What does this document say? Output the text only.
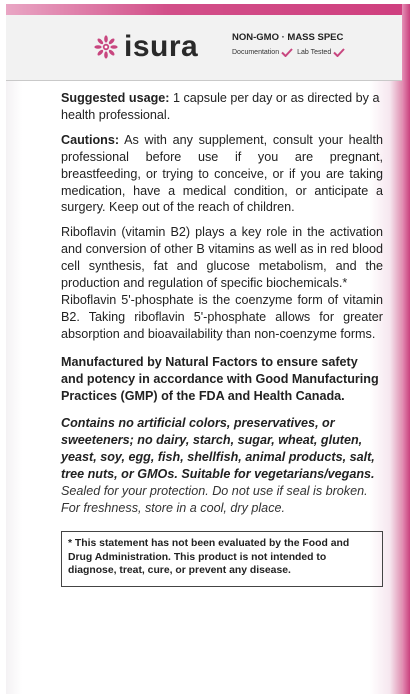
isura	NON-GMO · MASS SPEC
Documentation	Lab Tested

Suggested usage: 1 capsule per day or as directed by a health professional.

Cautions: As with any supplement, consult your health professional before use if you are pregnant, breastfeeding, or trying to conceive, or if you are taking medication, have a medical condition, or anticipate a surgery. Keep out of the reach of children.

Riboflavin (vitamin B2) plays a key role in the activation and conversion of other B vitamins as well as in red blood cell synthesis, fat and glucose metabolism, and the production and regulation of specific biochemicals.*

Riboflavin 5'-phosphate is the coenzyme form of vitamin B2. Taking riboflavin 5'-phosphate allows for greater absorption and bioavailability than non-coenzyme forms.

Manufactured by Natural Factors to ensure safety and potency in accordance with Good Manufacturing Practices (GMP) of the FDA and Health Canada.

Contains no artificial colors, preservatives, or sweeteners; no dairy, starch, sugar, wheat, gluten, yeast, soy, egg, fish, shellfish, animal products, salt, tree nuts, or GMOs. Suitable for vegetarians/vegans.

Sealed for your protection. Do not use if seal is broken.

For freshness, store in a cool, dry place.

* This statement has not been evaluated by the Food and Drug Administration. This product is not intended to diagnose, treat, cure, or prevent any disease.
